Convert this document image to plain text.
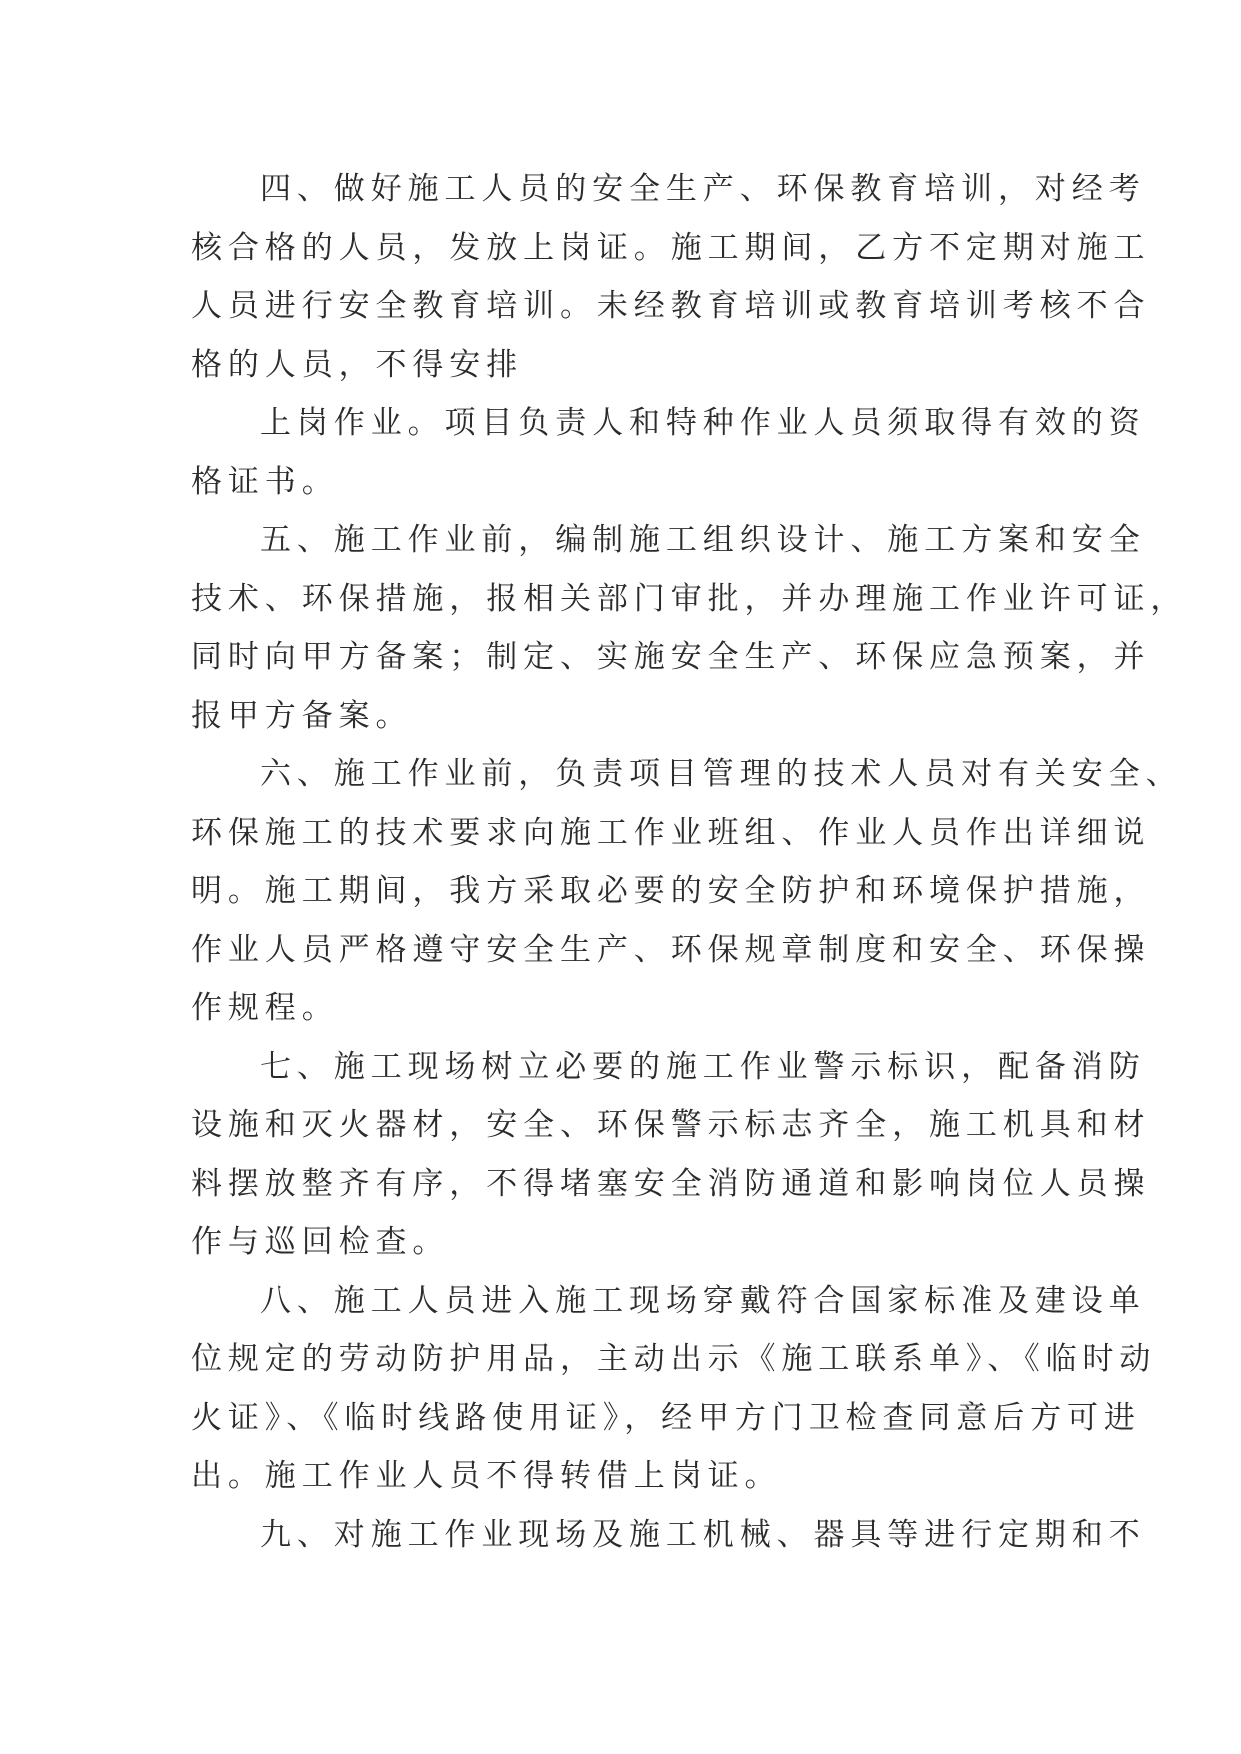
四、做好施工人员的安全生产、环保教育培训，对经考
核合格的人员，发放上岗证。施工期间，乙方不定期对施工
人员进行安全教育培训。未经教育培训或教育培训考核不合
格的人员，不得安排
上岗作业。项目负责人和特种作业人员须取得有效的资
格证书。
五、施工作业前，编制施工组织设计、施工方案和安全
技术、环保措施，报相关部门审批，并办理施工作业许可证，
同时向甲方备案；制定、实施安全生产、环保应急预案，并
报甲方备案。
六、施工作业前，负责项目管理的技术人员对有关安全、
环保施工的技术要求向施工作业班组、作业人员作出详细说
明。施工期间，我方采取必要的安全防护和环境保护措施，
作业人员严格遵守安全生产、环保规章制度和安全、环保操
作规程。
七、施工现场树立必要的施工作业警示标识，配备消防
设施和灭火器材，安全、环保警示标志齐全，施工机具和材
料摆放整齐有序，不得堵塞安全消防通道和影响岗位人员操
作与巡回检查。
八、施工人员进入施工现场穿戴符合国家标准及建设单
位规定的劳动防护用品，主动出示《施工联系单》、《临时动
火证》、《临时线路使用证》，经甲方门卫检查同意后方可进
出。施工作业人员不得转借上岗证。
九、对施工作业现场及施工机械、器具等进行定期和不
